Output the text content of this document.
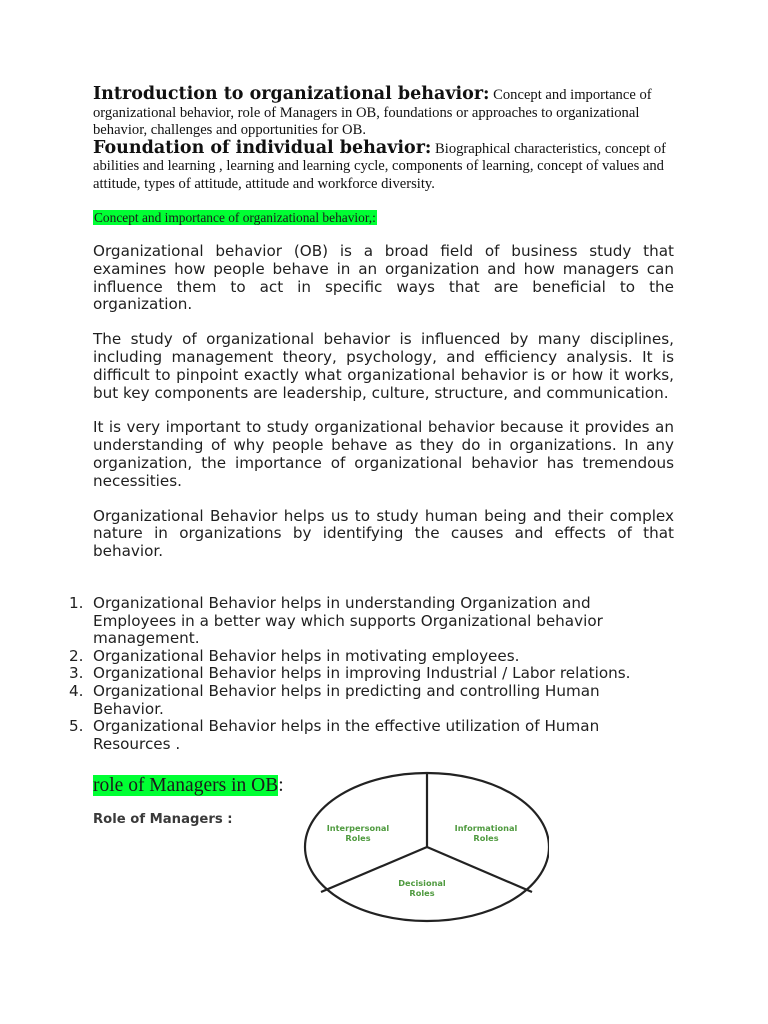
Introduction to organizational behavior: Concept and importance of organizational behavior, role of Managers in OB, foundations or approaches to organizational behavior, challenges and opportunities for OB.

Foundation of individual behavior: Biographical characteristics, concept of abilities and learning , learning and learning cycle, components of learning, concept of values and attitude, types of attitude, attitude and workforce diversity.

Concept and importance of organizational behavior,:

Organizational behavior (OB) is a broad field of business study that examines how people behave in an organization and how managers can influence them to act in specific ways that are beneficial to the organization.

The study of organizational behavior is influenced by many disciplines, including management theory, psychology, and efficiency analysis. It is difficult to pinpoint exactly what organizational behavior is or how it works, but key components are leadership, culture, structure, and communication.

It is very important to study organizational behavior because it provides an understanding of why people behave as they do in organizations. In any organization, the importance of organizational behavior has tremendous necessities.

Organizational Behavior helps us to study human being and their complex nature in organizations by identifying the causes and effects of that behavior.

1. Organizational Behavior helps in understanding Organization and Employees in a better way which supports Organizational behavior management.
2. Organizational Behavior helps in motivating employees.
3. Organizational Behavior helps in improving Industrial / Labor relations.
4. Organizational Behavior helps in predicting and controlling Human Behavior.
5. Organizational Behavior helps in the effective utilization of Human Resources .

role of Managers in OB:

Role of Managers :

Interpersonal
Roles
Informational
Roles
Decisional
Roles
